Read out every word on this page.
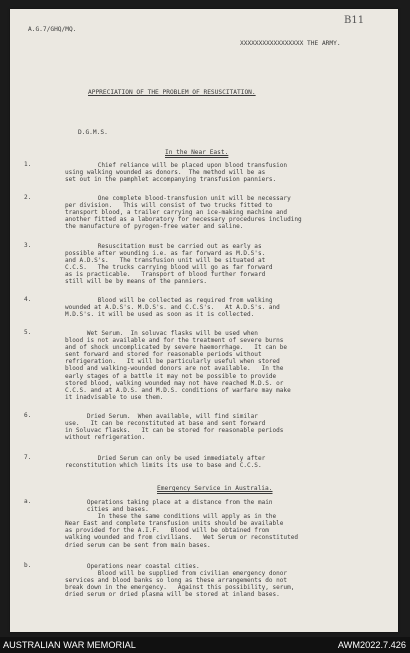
B11
A.G.7/GHQ/MQ.
XXXXXXXXXXXXXXXXX THE ARMY.
APPRECIATION OF THE PROBLEM OF RESUSCITATION.
D.G.M.S.
In the Near East.
1.	Chief reliance will be placed upon blood transfusion
using walking wounded as donors.  The method will be as
set out in the pamphlet accompanying transfusion panniers.
2.	One complete blood-transfusion unit will be necessary
per division.   This will consist of two trucks fitted to
transport blood, a trailer carrying an ice-making machine and
another fitted as a laboratory for necessary procedures including
the manufacture of pyrogen-free water and saline.
3.	Resuscitation must be carried out as early as
possible after wounding i.e. as far forward as M.D.S's.
and A.D.S's.   The transfusion unit will be situated at
C.C.S.   The trucks carrying blood will go as far forward
as is practicable.   Transport of blood further forward
still will be by means of the panniers.
4.	Blood will be collected as required from walking
wounded at A.D.S's. M.D.S's. and C.C.S's.   At A.D.S's. and
M.D.S's. it will be used as soon as it is collected.
5.	Wet Serum.  In soluvac flasks will be used when
blood is not available and for the treatment of severe burns
and of shock uncomplicated by severe haemorrhage.   It can be
sent forward and stored for reasonable periods without
refrigeration.   It will be particularly useful when stored
blood and walking-wounded donors are not available.   In the
early stages of a battle it may not be possible to provide
stored blood, walking wounded may not have reached M.D.S. or
C.C.S. and at A.D.S. and M.D.S. conditions of warfare may make
it inadvisable to use them.
6.	Dried Serum.  When available, will find similar
use.   It can be reconstituted at base and sent forward
in Soluvac flasks.   It can be stored for reasonable periods
without refrigeration.
7.	Dried Serum can only be used immediately after
reconstitution which limits its use to base and C.C.S.
Emergency Service in Australia.
a.	Operations taking place at a distance from the main
cities and bases.
In these the same conditions will apply as in the
Near East and complete transfusion units should be available
as provided for the A.I.F.   Blood will be obtained from
walking wounded and from civilians.   Wet Serum or reconstituted
dried serum can be sent from main bases.
b.	Operations near coastal cities.
Blood will be supplied from civilian emergency donor
services and blood banks so long as these arrangements do not
break down in the emergency.   Against this possibility, serum,
dried serum or dried plasma will be stored at inland bases.
AUSTRALIAN WAR MEMORIAL	AWM2022.7.426
